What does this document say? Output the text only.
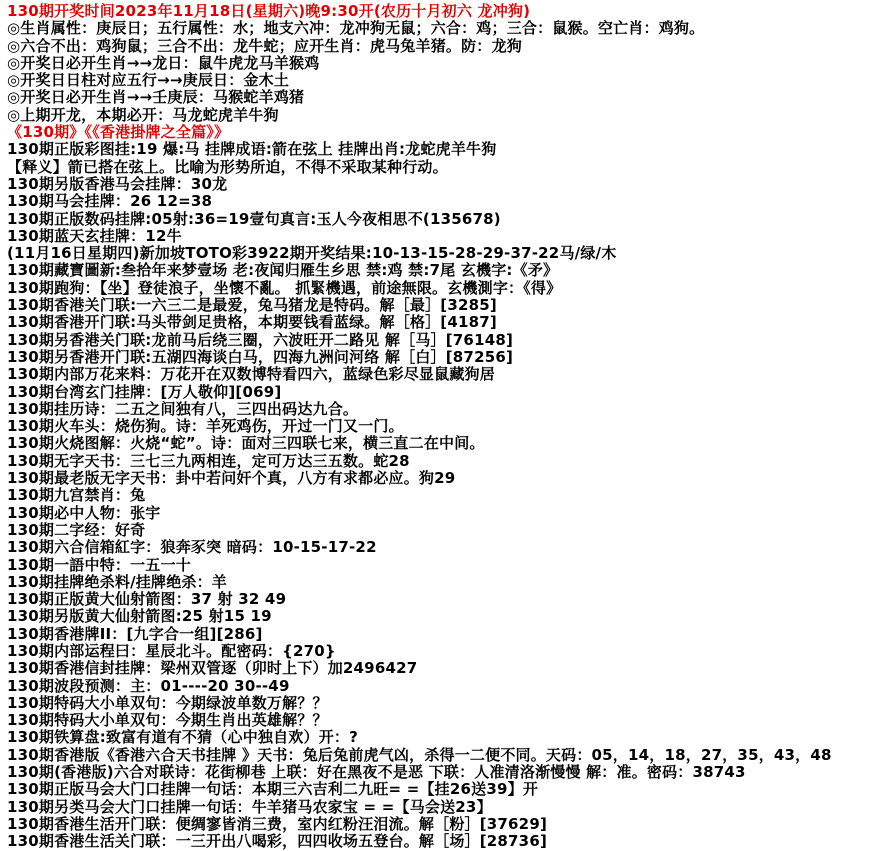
130期开奖时间2023年11月18日(星期六)晚9:30开(农历十月初六 龙冲狗)
◎生肖属性：庚辰日；五行属性：水；地支六冲：龙冲狗无鼠；六合：鸡；三合：鼠猴。空亡肖：鸡狗。
◎六合不出：鸡狗鼠；三合不出：龙牛蛇；应开生肖：虎马兔羊猪。防：龙狗
◎开奖日必开生肖→→龙日：鼠牛虎龙马羊猴鸡
◎开奖日日柱对应五行→→庚辰日：金木土
◎开奖日必开生肖→→壬庚辰：马猴蛇羊鸡猪
◎上期开龙，本期必开：马龙蛇虎羊牛狗
《130期》《《香港掛牌之全篇》》
130期正版彩图挂:19 爆:马 挂牌成语:箭在弦上 挂牌出肖:龙蛇虎羊牛狗
【释义】箭已搭在弦上。比喻为形势所迫，不得不采取某种行动。
130期另版香港马会挂牌：30龙
130期马会挂牌：26 12=38
130期正版数码挂牌:05射:36=19壹句真言:玉人今夜相思不(135678)
130期蓝天玄挂牌：12牛
(11月16日星期四)新加坡TOTO彩3922期开奖结果:10-13-15-28-29-37-22马/绿/木
130期藏寶圖新:叁拾年来梦壹场 老:夜闻归雁生乡思 禁:鸡 禁:7尾 玄機字:《矛》
130期跑狗：【坐】登徒浪子，坐懷不亂。 抓緊機遇，前途無限。玄機測字：《得》
130期香港关门联:一六三二是最爱，兔马猪龙是特码。解［最］[3285]
130期香港开门联:马头带剑足贵格，本期要钱看蓝绿。解［格］[4187]
130期另香港关门联:龙前马后绕三圈，六波旺开二路见 解［马］[76148]
130期另香港开门联:五湖四海谈白马，四海九洲问河络 解［白］[87256]
130期内部万花来料：万花开在双数博特看四六，蓝绿色彩尽显鼠藏狗居
130期台湾玄门挂牌：[万人敬仰][069]
130期挂历诗：二五之间独有八，三四出码达九合。
130期火车头：烧伤狗。诗：羊死鸡伤，开过一门又一门。
130期火烧图解：火烧“蛇”。诗：面对三四联七来，横三直二在中间。
130期无字天书：三七三九两相连，定可万达三五数。蛇28
130期最老版无字天书：卦中若问奸个真，八方有求都必应。狗29
130期九宫禁肖：兔
130期必中人物：张宇
130期二字经：好奇
130期六合信箱紅字：狼奔豕突 暗码：10-15-17-22
130期一語中特：一五一十
130期挂牌绝杀料/挂牌绝杀：羊
130期正版黄大仙射箭图：37 射 32 49
130期另版黄大仙射箭图:25 射15 19
130期香港牌II：[九字合一组][286]
130期内部运程曰：星辰北斗。配密码：{270}
130期香港信封挂牌：梁州双管逐（卯时上下）加2496427
130期波段预测：主：01----20 30--49
130期特码大小单双句：今期绿波单数万解？？
130期特码大小单双句：今期生肖出英雄解？？
130期铁算盘:致富有道有不猜（心中独自欢）开：?
130期香港版《香港六合天书挂牌 》天书：兔后兔前虎气凶，杀得一二便不同。天码：05，14，18，27，35，43，48
130期(香港版)六合对联诗：花街柳巷 上联：好在黑夜不是恶 下联：人准清洛渐慢慢 解：准。密码：38743
130期正版马会大门口挂牌一句话：本期三六吉利二九旺= =【挂26送39】开
130期另类马会大门口挂牌一句话：牛羊猪马农家宝 = =【马会送23】
130期香港生活开门联：便绸寥皆消三费，室内红粉汪泪流。解［粉］[37629]
130期香港生活关门联：一三开出八喝彩，四四收场五登台。解［场］[28736]
